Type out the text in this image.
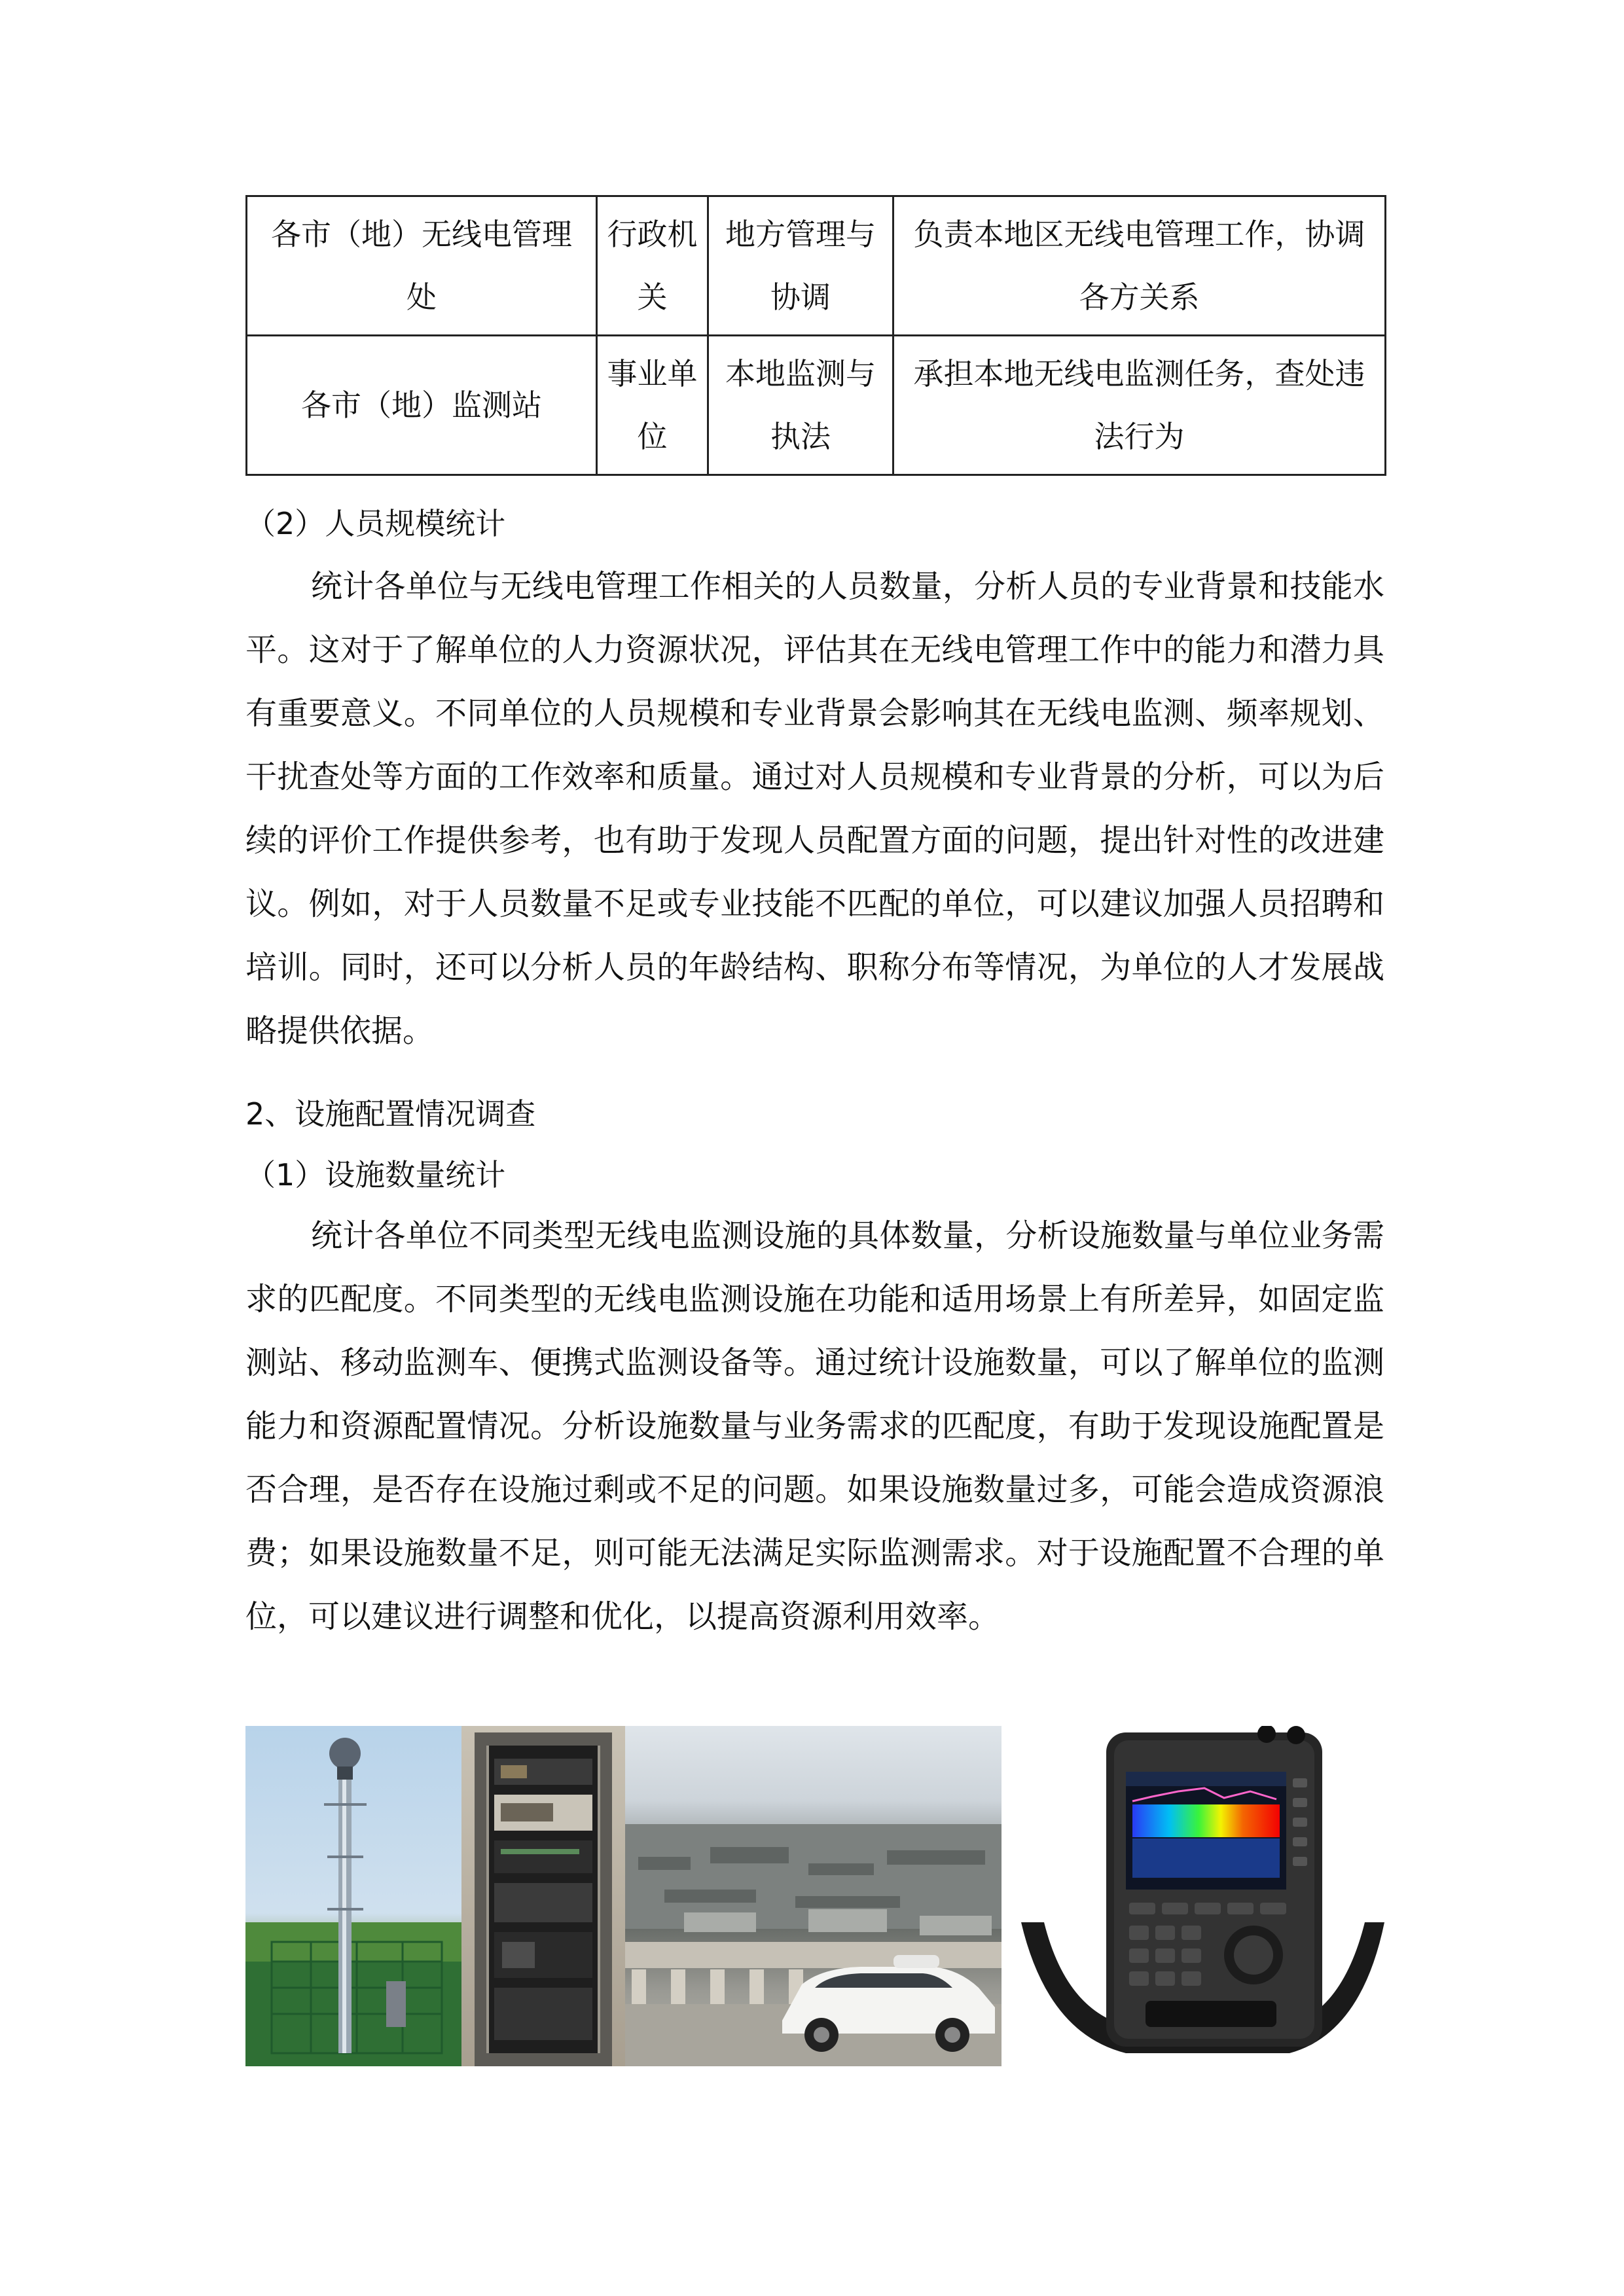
各市（地）无线电管理处	行政机关	地方管理与协调	负责本地区无线电管理工作，协调各方关系
各市（地）监测站	事业单位	本地监测与执法	承担本地无线电监测任务，查处违法行为
（2）人员规模统计
统计各单位与无线电管理工作相关的人员数量，分析人员的专业背景和技能水平。这对于了解单位的人力资源状况，评估其在无线电管理工作中的能力和潜力具有重要意义。不同单位的人员规模和专业背景会影响其在无线电监测、频率规划、干扰查处等方面的工作效率和质量。通过对人员规模和专业背景的分析，可以为后续的评价工作提供参考，也有助于发现人员配置方面的问题，提出针对性的改进建议。例如，对于人员数量不足或专业技能不匹配的单位，可以建议加强人员招聘和培训。同时，还可以分析人员的年龄结构、职称分布等情况，为单位的人才发展战略提供依据。
2、设施配置情况调查
（1）设施数量统计
统计各单位不同类型无线电监测设施的具体数量，分析设施数量与单位业务需求的匹配度。不同类型的无线电监测设施在功能和适用场景上有所差异，如固定监测站、移动监测车、便携式监测设备等。通过统计设施数量，可以了解单位的监测能力和资源配置情况。分析设施数量与业务需求的匹配度，有助于发现设施配置是否合理，是否存在设施过剩或不足的问题。如果设施数量过多，可能会造成资源浪费；如果设施数量不足，则可能无法满足实际监测需求。对于设施配置不合理的单位，可以建议进行调整和优化，以提高资源利用效率。
